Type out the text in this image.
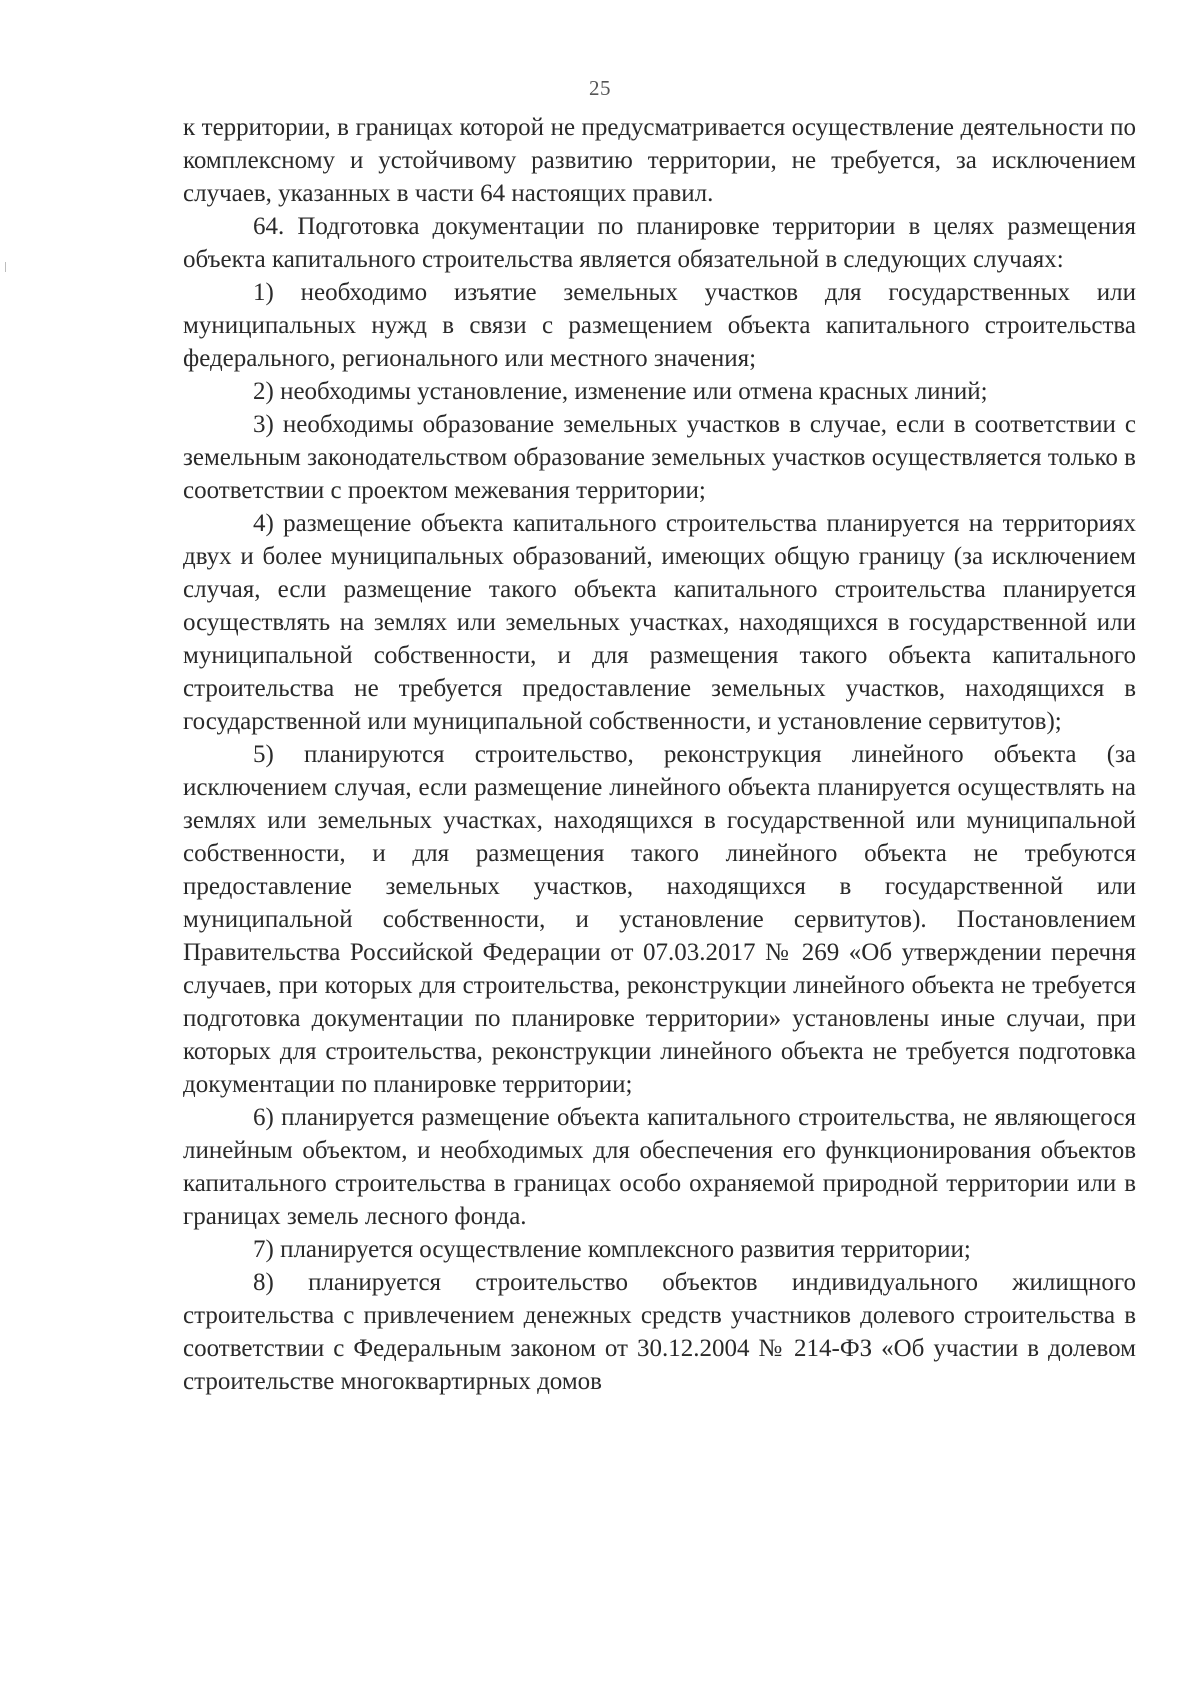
25

к территории, в границах которой не предусматривается осуществление деятельности по комплексному и устойчивому развитию территории, не требуется, за исключением случаев, указанных в части 64 настоящих правил.

64. Подготовка документации по планировке территории в целях размещения объекта капитального строительства является обязательной в следующих случаях:

1) необходимо изъятие земельных участков для государственных или муниципальных нужд в связи с размещением объекта капитального строительства федерального, регионального или местного значения;

2) необходимы установление, изменение или отмена красных линий;

3) необходимы образование земельных участков в случае, если в соответствии с земельным законодательством образование земельных участков осуществляется только в соответствии с проектом межевания территории;

4) размещение объекта капитального строительства планируется на территориях двух и более муниципальных образований, имеющих общую границу (за исключением случая, если размещение такого объекта капитального строительства планируется осуществлять на землях или земельных участках, находящихся в государственной или муниципальной собственности, и для размещения такого объекта капитального строительства не требуется предоставление земельных участков, находящихся в государственной или муниципальной собственности, и установление сервитутов);

5) планируются строительство, реконструкция линейного объекта (за исключением случая, если размещение линейного объекта планируется осуществлять на землях или земельных участках, находящихся в государственной или муниципальной собственности, и для размещения такого линейного объекта не требуются предоставление земельных участков, находящихся в государственной или муниципальной собственности, и установление сервитутов). Постановлением Правительства Российской Федерации от 07.03.2017 № 269 «Об утверждении перечня случаев, при которых для строительства, реконструкции линейного объекта не требуется подготовка документации по планировке территории» установлены иные случаи, при которых для строительства, реконструкции линейного объекта не требуется подготовка документации по планировке территории;

6) планируется размещение объекта капитального строительства, не являющегося линейным объектом, и необходимых для обеспечения его функционирования объектов капитального строительства в границах особо охраняемой природной территории или в границах земель лесного фонда.

7) планируется осуществление комплексного развития территории;

8) планируется строительство объектов индивидуального жилищного строительства с привлечением денежных средств участников долевого строительства в соответствии с Федеральным законом от 30.12.2004 № 214-ФЗ «Об участии в долевом строительстве многоквартирных домов
